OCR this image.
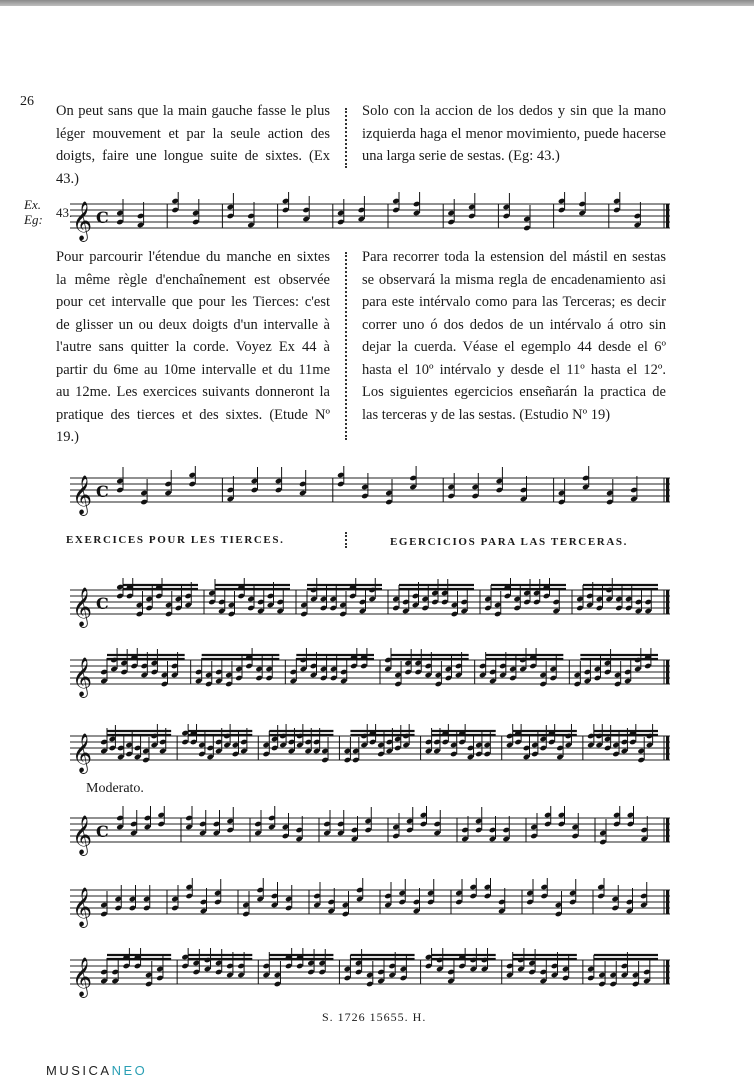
26

On peut sans que la main gauche fasse le plus léger mouvement et par la seule action des doigts, faire une longue suite de sixtes. (Ex 43.)

Solo con la accion de los dedos y sin que la mano izquierda haga el menor movimiento, puede hacerse una larga serie de sestas. (Eg: 43.)

Ex.
Eg: 43. 𝄞 C

Pour parcourir l'étendue du manche en sixtes la même règle d'enchaînement est observée pour cet intervalle que pour les Tierces: c'est de glisser un ou deux doigts d'un intervalle à l'autre sans quitter la corde. Voyez Ex 44 à partir du 6me au 10me intervalle et du 11me au 12me. Les exercices suivants donneront la pratique des tierces et des sixtes. (Etude Nº 19.)

Para recorrer toda la estension del mástil en sestas se observará la misma regla de encadenamiento asi para este intérvalo como para las Terceras; es decir correr uno ó dos dedos de un intérvalo á otro sin dejar la cuerda. Véase el egemplo 44 desde el 6º hasta el 10º intérvalo y desde el 11º hasta el 12º. Los siguientes egercicios enseñarán la practica de las terceras y de las sestas. (Estudio Nº 19)

𝄞 C
EXERCICES POUR LES TIERCES.	EGERCICIOS PARA LAS TERCERAS.
𝄞 C
𝄞
𝄞
Moderato.
𝄞 C
𝄞
𝄞
S. 1726 15655. H.
MUSICANEO
